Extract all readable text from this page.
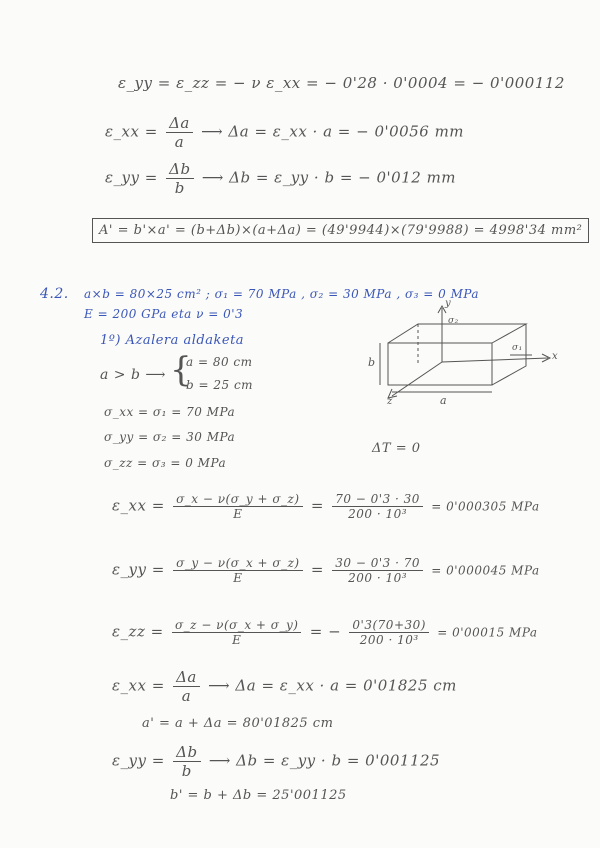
ε_yy = ε_zz = − ν ε_xx = − 0'28 · 0'0004 = − 0'000112
ε_xx = $\frac{\Delta a}{a}$ ⟶ Δa = ε_xx · a = − 0'0056 mm
ε_yy = $\frac{\Delta b}{b}$ ⟶ Δb = ε_yy · b = − 0'012 mm
A' = b'×a' = (b+Δb)×(a+Δa) = (49'9944)×(79'9988) = 4998'34 mm²
4.2. a×b = 80×25 cm² ; σ₁ = 70 MPa , σ₂ = 30 MPa , σ₃ = 0 MPa
E = 200 GPa eta ν = 0'3
1º) Azalera aldaketa
a > b ⟶ {
a = 80 cm
b = 25 cm
σ_xx = σ₁ = 70 MPa
σ_yy = σ₂ = 30 MPa
σ_zz = σ₃ = 0 MPa
ΔT = 0
y
σ₂
σ₁
x
z
b
a
ε_xx = $\frac{\sigma\_x - \nu(\sigma\_y + \sigma\_z)}{E} = \frac{70 - 0'3 \cdot 30}{\text{200 · 10³}} = 0'000305$ MPa
ε_yy = $\frac{\sigma\_y - \nu(\sigma\_x + \sigma\_z)}{E} = \frac{30 - 0'3 \cdot 70}{\text{200 · 10³}} = 0'000045$ MPa
ε_zz = $\frac{\sigma\_z - \nu(\sigma\_x + \sigma\_y)}{E}$ = − $\frac{0'3(70+30)}{\text{200 · 10³}} = 0'00015$ MPa
ε_xx = $\frac{\Delta a}{a}$ ⟶ Δa = ε_xx · a = 0'01825 cm
a' = a + Δa = 80'01825 cm
ε_yy = $\frac{\Delta b}{b}$ ⟶ Δb = ε_yy · b = 0'001125
b' = b + Δb = 25'001125
